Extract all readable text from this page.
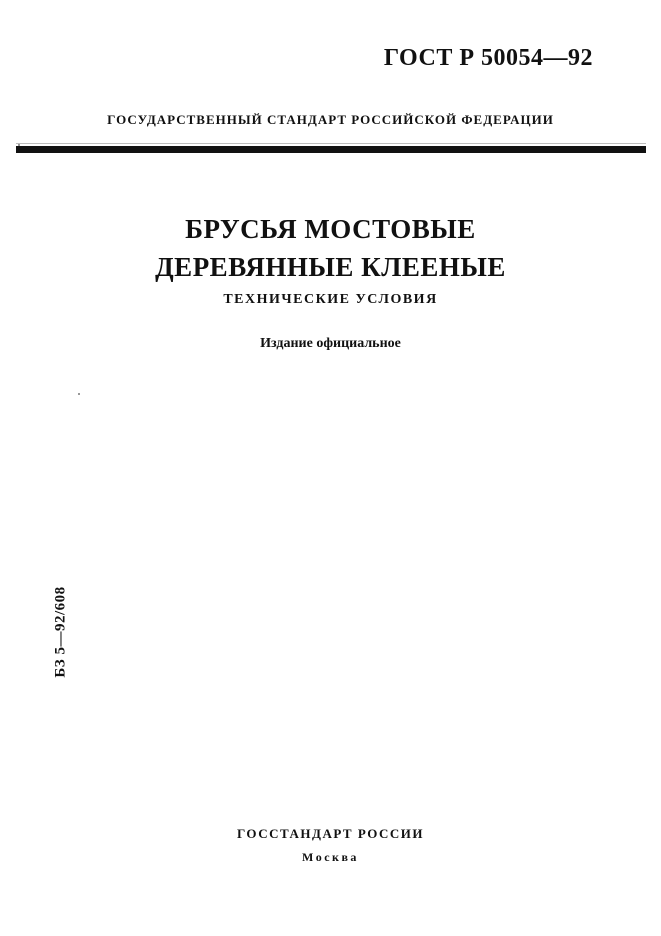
ГОСТ Р 50054—92
ГОСУДАРСТВЕННЫЙ СТАНДАРТ РОССИЙСКОЙ ФЕДЕРАЦИИ
БРУСЬЯ МОСТОВЫЕ
ДЕРЕВЯННЫЕ КЛЕЕНЫЕ
ТЕХНИЧЕСКИЕ УСЛОВИЯ
Издание официальное
БЗ 5—92/608
ГОССТАНДАРТ РОССИИ
Москва
